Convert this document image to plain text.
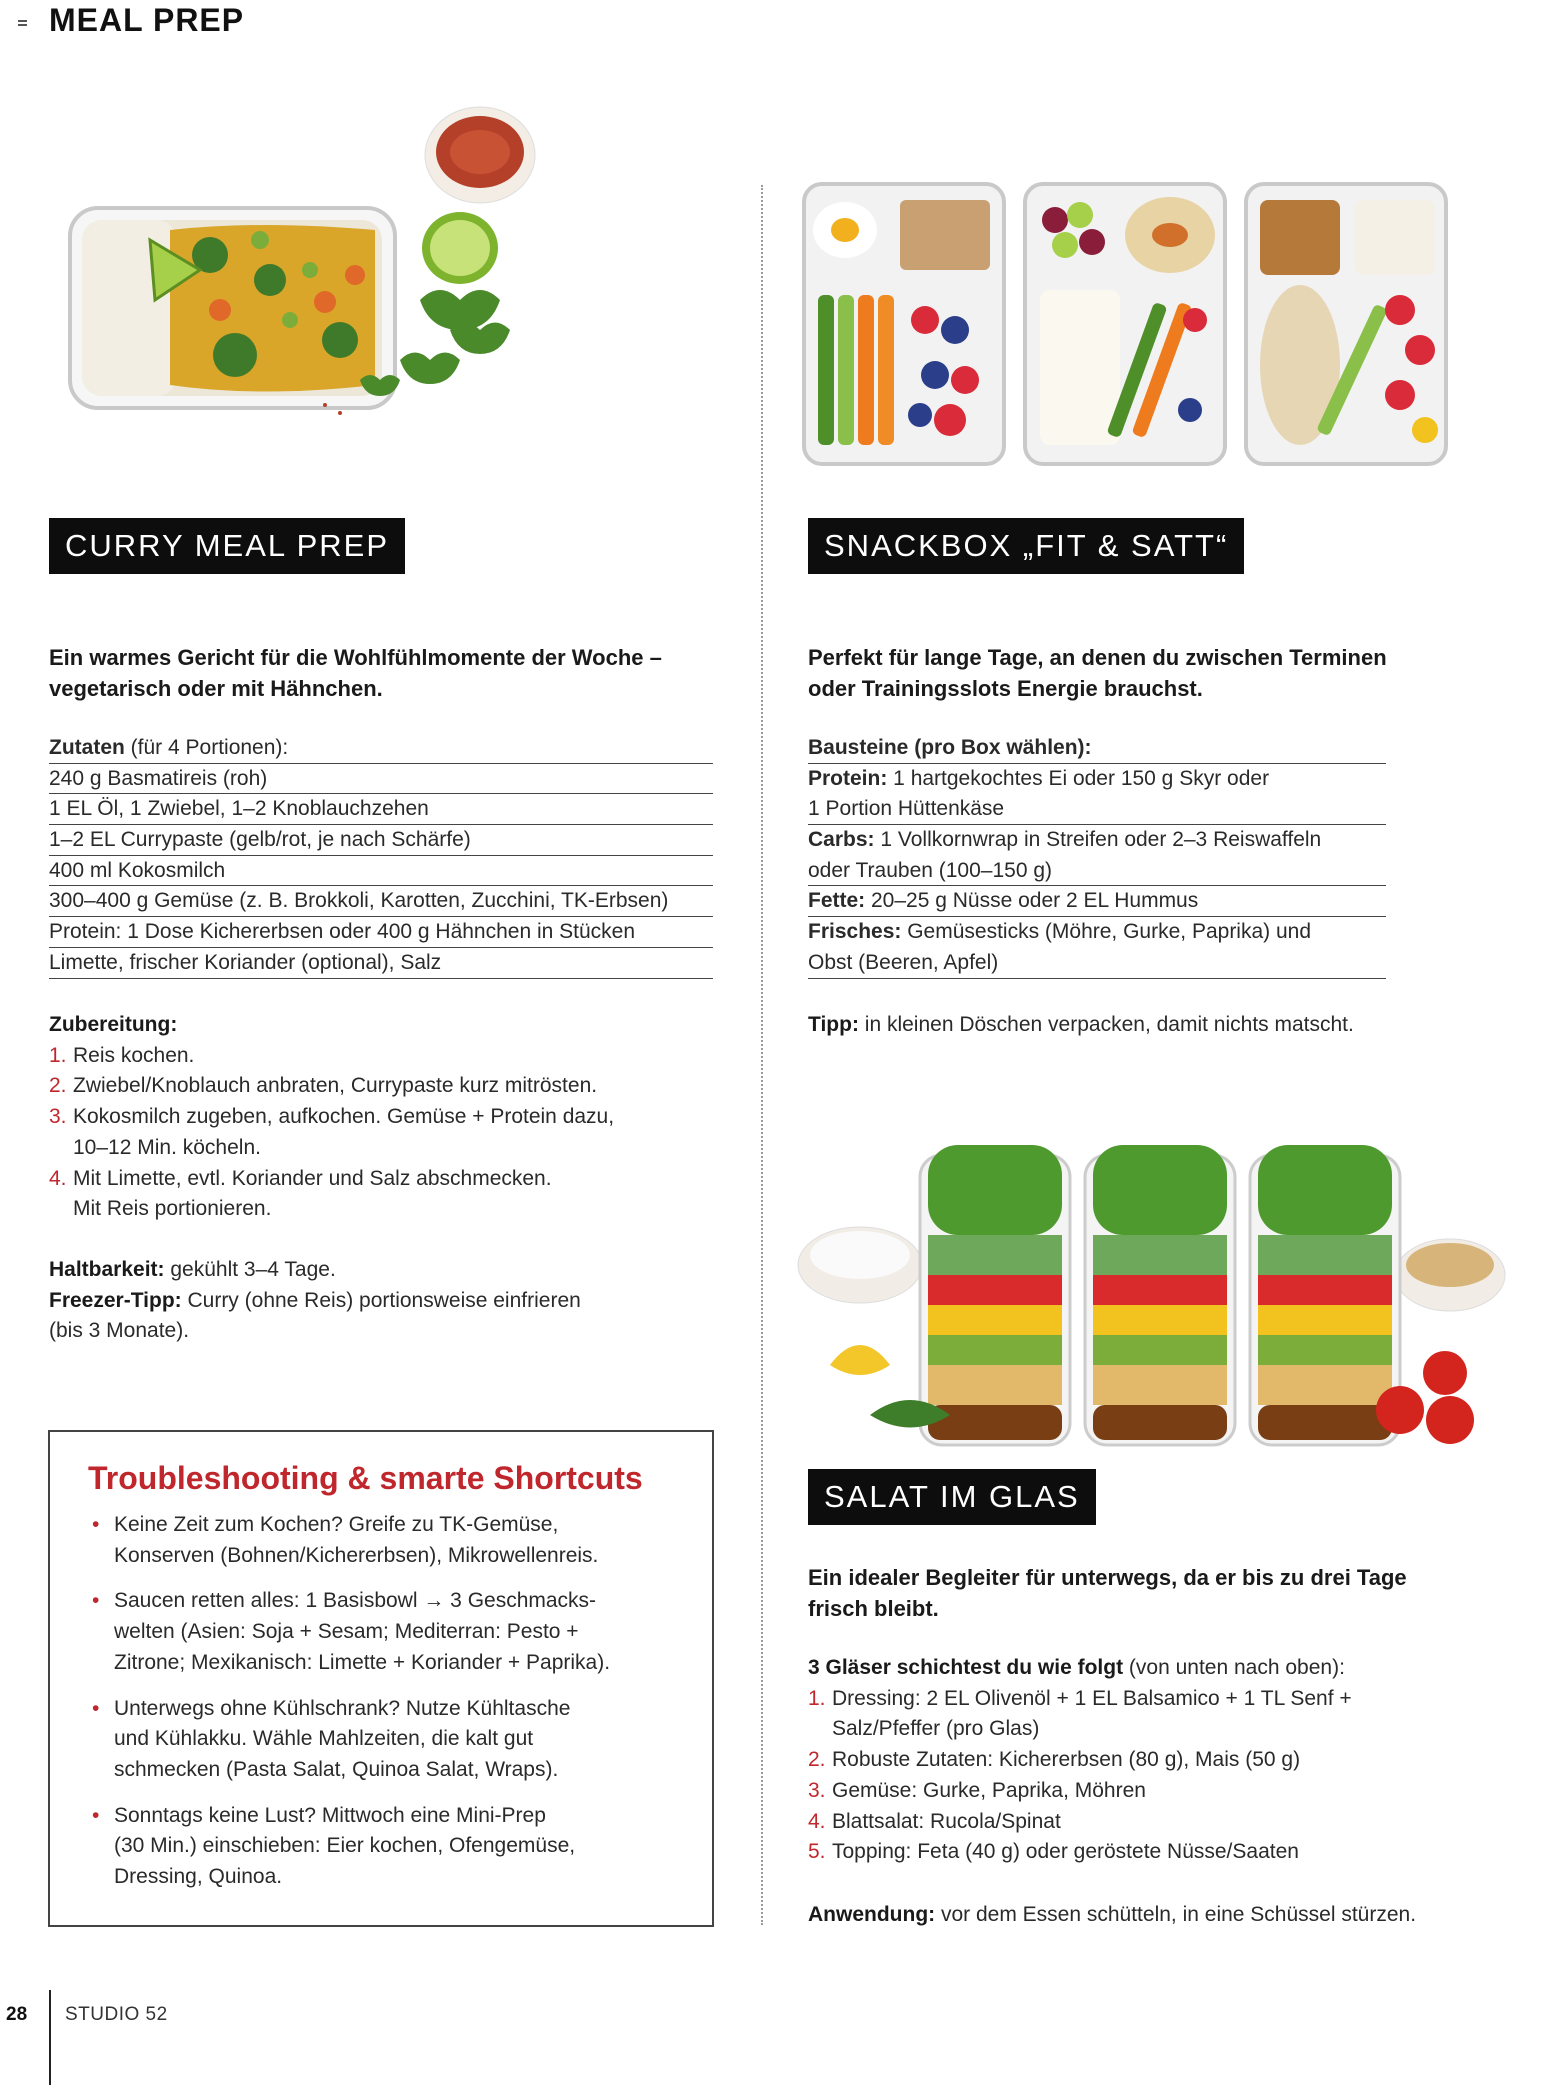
MEAL PREP
CURRY MEAL PREP
Ein warmes Gericht für die Wohlfühlmomente der Woche – vegetarisch oder mit Hähnchen.
Zutaten (für 4 Portionen):
240 g Basmatireis (roh)
1 EL Öl, 1 Zwiebel, 1–2 Knoblauchzehen
1–2 EL Currypaste (gelb/rot, je nach Schärfe)
400 ml Kokosmilch
300–400 g Gemüse (z. B. Brokkoli, Karotten, Zucchini, TK-Erbsen)
Protein: 1 Dose Kichererbsen oder 400 g Hähnchen in Stücken
Limette, frischer Koriander (optional), Salz
Zubereitung:
1. Reis kochen.
2. Zwiebel/Knoblauch anbraten, Currypaste kurz mitrösten.
3. Kokosmilch zugeben, aufkochen. Gemüse + Protein dazu,
10–12 Min. köcheln.
4. Mit Limette, evtl. Koriander und Salz abschmecken.
Mit Reis portionieren.
Haltbarkeit: gekühlt 3–4 Tage.
Freezer-Tipp: Curry (ohne Reis) portionsweise einfrieren
(bis 3 Monate).
Troubleshooting & smarte Shortcuts
• Keine Zeit zum Kochen? Greife zu TK-Gemüse,
Konserven (Bohnen/Kichererbsen), Mikrowellenreis.
• Saucen retten alles: 1 Basisbowl → 3 Geschmacks-
welten (Asien: Soja + Sesam; Mediterran: Pesto +
Zitrone; Mexikanisch: Limette + Koriander + Paprika).
• Unterwegs ohne Kühlschrank? Nutze Kühltasche
und Kühlakku. Wähle Mahlzeiten, die kalt gut
schmecken (Pasta Salat, Quinoa Salat, Wraps).
• Sonntags keine Lust? Mittwoch eine Mini-Prep
(30 Min.) einschieben: Eier kochen, Ofengemüse,
Dressing, Quinoa.
SNACKBOX „FIT & SATT“
Perfekt für lange Tage, an denen du zwischen Terminen
oder Trainingsslots Energie brauchst.
Bausteine (pro Box wählen):
Protein: 1 hartgekochtes Ei oder 150 g Skyr oder
1 Portion Hüttenkäse
Carbs: 1 Vollkornwrap in Streifen oder 2–3 Reiswaffeln
oder Trauben (100–150 g)
Fette: 20–25 g Nüsse oder 2 EL Hummus
Frisches: Gemüsesticks (Möhre, Gurke, Paprika) und
Obst (Beeren, Apfel)
Tipp: in kleinen Döschen verpacken, damit nichts matscht.
SALAT IM GLAS
Ein idealer Begleiter für unterwegs, da er bis zu drei Tage
frisch bleibt.
3 Gläser schichtest du wie folgt (von unten nach oben):
1. Dressing: 2 EL Olivenöl + 1 EL Balsamico + 1 TL Senf +
Salz/Pfeffer (pro Glas)
2. Robuste Zutaten: Kichererbsen (80 g), Mais (50 g)
3. Gemüse: Gurke, Paprika, Möhren
4. Blattsalat: Rucola/Spinat
5. Topping: Feta (40 g) oder geröstete Nüsse/Saaten
Anwendung: vor dem Essen schütteln, in eine Schüssel stürzen.
28 STUDIO 52
